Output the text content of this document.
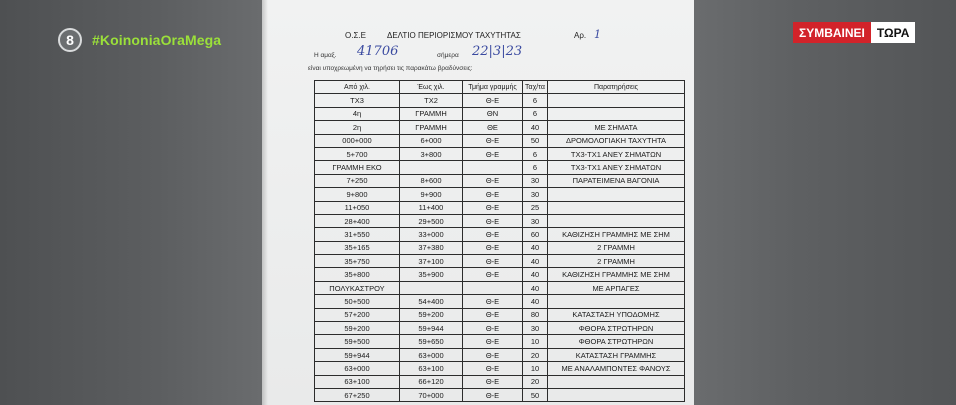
Ο.Σ.Ε	ΔΕΛΤΙΟ ΠΕΡΙΟΡΙΣΜΟΥ ΤΑΧΥΤΗΤΑΣ	Αρ. 1
Η αμαξ. 41706	σήμερα 22|3|23
είναι υποχρεωμένη να τηρήσει τις παρακάτω βραδύνσεις:
Από χιλ.	Έως χιλ.	Τμήμα γραμμής	Ταχ/τα	Παρατηρήσεις
ΤΧ3	ΤΧ2	Θ-Ε	6	
4η	ΓΡΑΜΜΗ	ΘΝ	6	
2η	ΓΡΑΜΜΗ	ΘΕ	40	ΜΕ ΣΗΜΑΤΑ
000+000	6+000	Θ-Ε	50	ΔΡΟΜΟΛΟΓΙΑΚΗ ΤΑΧΥΤΗΤΑ
5+700	3+800	Θ-Ε	6	ΤΧ3-ΤΧ1 ΑΝΕΥ ΣΗΜΑΤΩΝ
ΓΡΑΜΜΗ ΕΚΟ			6	ΤΧ3-ΤΧ1 ΑΝΕΥ ΣΗΜΑΤΩΝ
7+250	8+600	Θ-Ε	30	ΠΑΡΑΤΕΙΜΕΝΑ ΒΑΓΟΝΙΑ
9+800	9+900	Θ-Ε	30	
11+050	11+400	Θ-Ε	25	
28+400	29+500	Θ-Ε	30	
31+550	33+000	Θ-Ε	60	ΚΑΘΙΖΗΣΗ ΓΡΑΜΜΗΣ ΜΕ ΣΗΜ
35+165	37+380	Θ-Ε	40	2 ΓΡΑΜΜΗ
35+750	37+100	Θ-Ε	40	2 ΓΡΑΜΜΗ
35+800	35+900	Θ-Ε	40	ΚΑΘΙΖΗΣΗ ΓΡΑΜΜΗΣ ΜΕ ΣΗΜ
ΠΟΛΥΚΑΣΤΡΟΥ			40	ΜΕ ΑΡΠΑΓΕΣ
50+500	54+400	Θ-Ε	40	
57+200	59+200	Θ-Ε	80	ΚΑΤΑΣΤΑΣΗ ΥΠΟΔΟΜΗΣ
59+200	59+944	Θ-Ε	30	ΦΘΟΡΑ ΣΤΡΩΤΗΡΩΝ
59+500	59+650	Θ-Ε	10	ΦΘΟΡΑ ΣΤΡΩΤΗΡΩΝ
59+944	63+000	Θ-Ε	20	ΚΑΤΑΣΤΑΣΗ ΓΡΑΜΜΗΣ
63+000	63+100	Θ-Ε	10	ΜΕ ΑΝΑΛΑΜΠΟΝΤΕΣ ΦΑΝΟΥΣ
63+100	66+120	Θ-Ε	20	
67+250	70+000	Θ-Ε	50	
8	#KoinoniaOraMega	ΣΥΜΒΑΙΝΕΙ	ΤΩΡΑ
